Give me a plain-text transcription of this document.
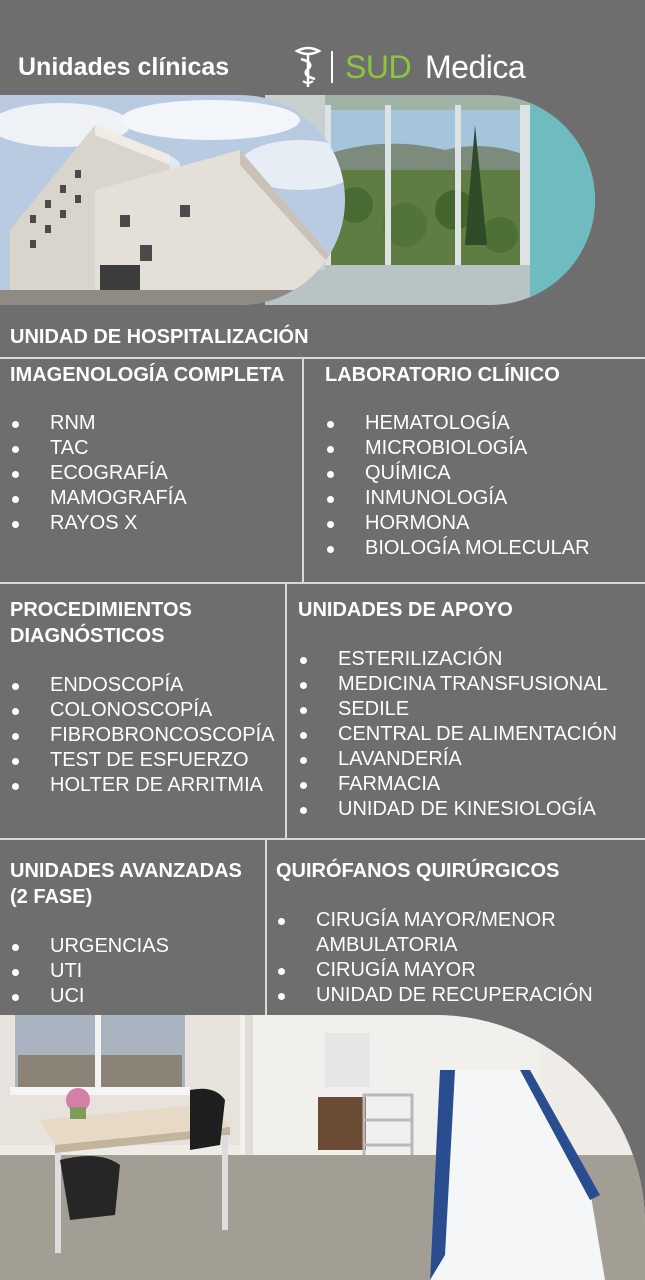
Unidades clínicas	SUD Medica
UNIDAD DE HOSPITALIZACIÓN
IMAGENOLOGÍA COMPLETA
RNM
TAC
ECOGRAFÍA
MAMOGRAFÍA
RAYOS X
LABORATORIO CLÍNICO
HEMATOLOGÍA
MICROBIOLOGÍA
QUÍMICA
INMUNOLOGÍA
HORMONA
BIOLOGÍA MOLECULAR
PROCEDIMIENTOS
DIAGNÓSTICOS
ENDOSCOPÍA
COLONOSCOPÍA
FIBROBRONCOSCOPÍA
TEST DE ESFUERZO
HOLTER DE ARRITMIA
UNIDADES DE APOYO
ESTERILIZACIÓN
MEDICINA TRANSFUSIONAL
SEDILE
CENTRAL DE ALIMENTACIÓN
LAVANDERÍA
FARMACIA
UNIDAD DE KINESIOLOGÍA
UNIDADES AVANZADAS
(2 FASE)
URGENCIAS
UTI
UCI
QUIRÓFANOS QUIRÚRGICOS
CIRUGÍA MAYOR/MENOR AMBULATORIA
CIRUGÍA MAYOR
UNIDAD DE RECUPERACIÓN
